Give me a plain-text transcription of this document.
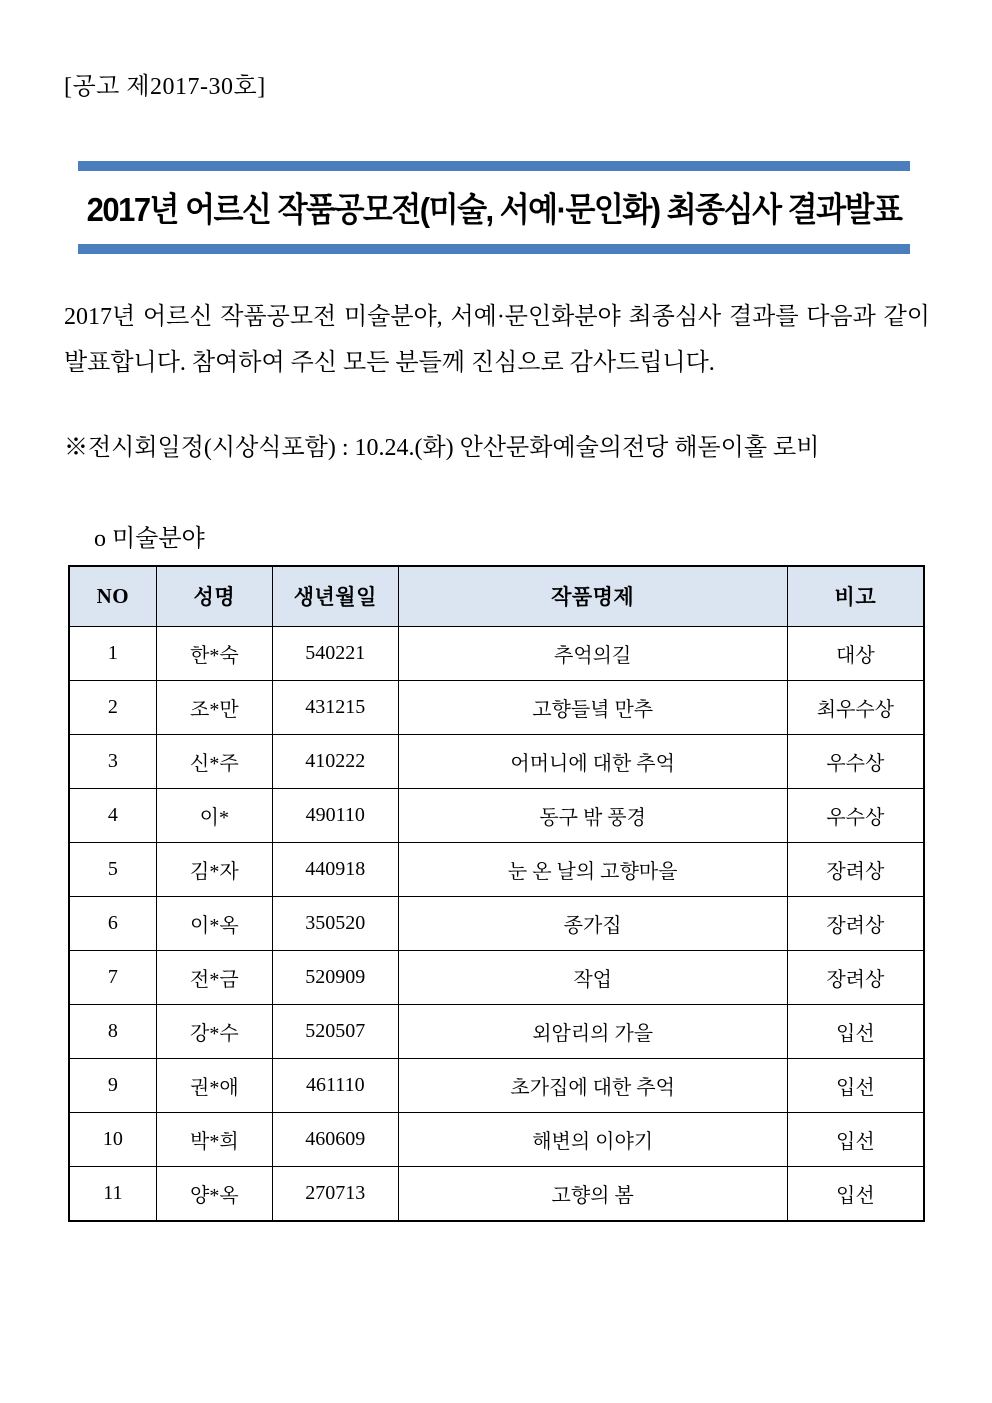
[공고 제2017-30호]
2017년 어르신 작품공모전(미술, 서예·문인화) 최종심사 결과발표
2017년 어르신 작품공모전 미술분야, 서예·문인화분야 최종심사 결과를 다음과 같이 발표합니다. 참여하여 주신 모든 분들께 진심으로 감사드립니다.
※전시회일정(시상식포함) : 10.24.(화) 안산문화예술의전당 해돋이홀 로비
o 미술분야
NO	성명	생년월일	작품명제	비고
1	한*숙	540221	추억의길	대상
2	조*만	431215	고향들녘 만추	최우수상
3	신*주	410222	어머니에 대한 추억	우수상
4	이*	490110	동구 밖 풍경	우수상
5	김*자	440918	눈 온 날의 고향마을	장려상
6	이*옥	350520	종가집	장려상
7	전*금	520909	작업	장려상
8	강*수	520507	외암리의 가을	입선
9	권*애	461110	초가집에 대한 추억	입선
10	박*희	460609	해변의 이야기	입선
11	양*옥	270713	고향의 봄	입선
